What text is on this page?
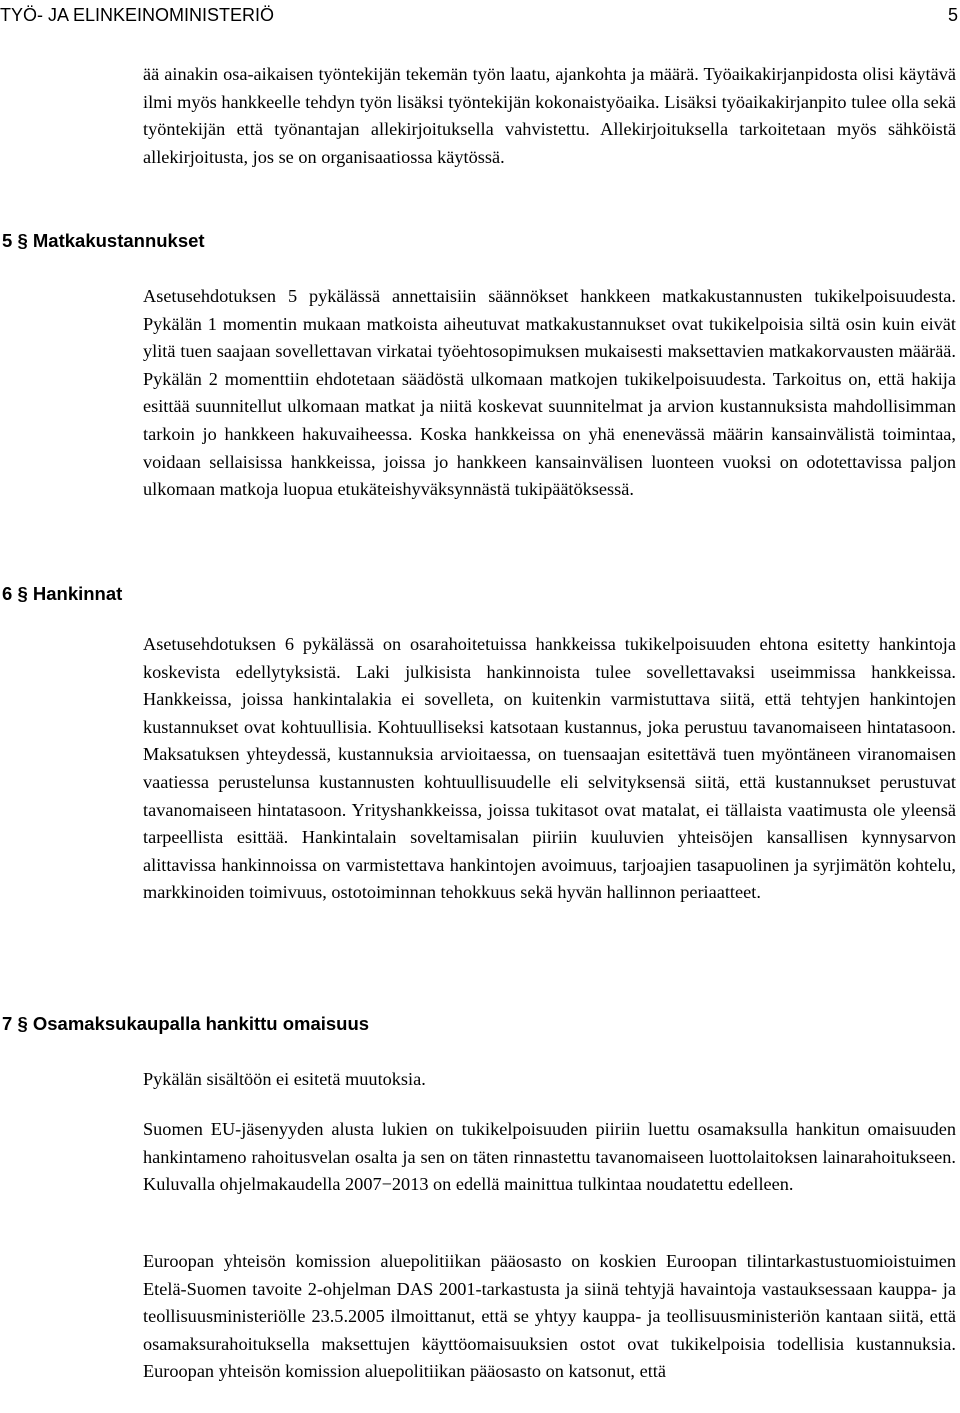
TYÖ- JA ELINKEINOMINISTERIÖ	5

ää ainakin osa-aikaisen työntekijän tekemän työn laatu, ajankohta ja määrä. Työaikakirjanpidosta olisi käytävä ilmi myös hankkeelle tehdyn työn lisäksi työntekijän kokonaistyöaika. Lisäksi työaikakirjanpito tulee olla sekä työntekijän että työnantajan allekirjoituksella vahvistettu. Allekirjoituksella tarkoitetaan myös sähköistä allekirjoitusta, jos se on organisaatiossa käytössä.

5 § Matkakustannukset

Asetusehdotuksen 5 pykälässä annettaisiin säännökset hankkeen matkakustannusten tukikelpoisuudesta. Pykälän 1 momentin mukaan matkoista aiheutuvat matkakustannukset ovat tukikelpoisia siltä osin kuin eivät ylitä tuen saajaan sovellettavan virkatai työehtosopimuksen mukaisesti maksettavien matkakorvausten määrää. Pykälän 2 momenttiin ehdotetaan säädöstä ulkomaan matkojen tukikelpoisuudesta. Tarkoitus on, että hakija esittää suunnitellut ulkomaan matkat ja niitä koskevat suunnitelmat ja arvion kustannuksista mahdollisimman tarkoin jo hankkeen hakuvaiheessa. Koska hankkeissa on yhä enenevässä määrin kansainvälistä toimintaa, voidaan sellaisissa hankkeissa, joissa jo hankkeen kansainvälisen luonteen vuoksi on odotettavissa paljon ulkomaan matkoja luopua etukäteishyväksynnästä tukipäätöksessä.

6 § Hankinnat

Asetusehdotuksen 6 pykälässä on osarahoitetuissa hankkeissa tukikelpoisuuden ehtona esitetty hankintoja koskevista edellytyksistä. Laki julkisista hankinnoista tulee sovellettavaksi useimmissa hankkeissa. Hankkeissa, joissa hankintalakia ei sovelleta, on kuitenkin varmistuttava siitä, että tehtyjen hankintojen kustannukset ovat kohtuullisia. Kohtuulliseksi katsotaan kustannus, joka perustuu tavanomaiseen hintatasoon. Maksatuksen yhteydessä, kustannuksia arvioitaessa, on tuensaajan esitettävä tuen myöntäneen viranomaisen vaatiessa perustelunsa kustannusten kohtuullisuudelle eli selvityksensä siitä, että kustannukset perustuvat tavanomaiseen hintatasoon. Yrityshankkeissa, joissa tukitasot ovat matalat, ei tällaista vaatimusta ole yleensä tarpeellista esittää. Hankintalain soveltamisalan piiriin kuuluvien yhteisöjen kansallisen kynnysarvon alittavissa hankinnoissa on varmistettava hankintojen avoimuus, tarjoajien tasapuolinen ja syrjimätön kohtelu, markkinoiden toimivuus, ostotoiminnan tehokkuus sekä hyvän hallinnon periaatteet.

7 § Osamaksukaupalla hankittu omaisuus

Pykälän sisältöön ei esitetä muutoksia.

Suomen EU-jäsenyyden alusta lukien on tukikelpoisuuden piiriin luettu osamaksulla hankitun omaisuuden hankintameno rahoitusvelan osalta ja sen on täten rinnastettu tavanomaiseen luottolaitoksen lainarahoitukseen. Kuluvalla ohjelmakaudella 2007−2013 on edellä mainittua tulkintaa noudatettu edelleen.

Euroopan yhteisön komission aluepolitiikan pääosasto on koskien Euroopan tilintarkastustuomioistuimen Etelä-Suomen tavoite 2-ohjelman DAS 2001-tarkastusta ja siinä tehtyjä havaintoja vastauksessaan kauppa- ja teollisuusministeriölle 23.5.2005 ilmoittanut, että se yhtyy kauppa- ja teollisuusministeriön kantaan siitä, että osamaksurahoituksella maksettujen käyttöomaisuuksien ostot ovat tukikelpoisia todellisia kustannuksia. Euroopan yhteisön komission aluepolitiikan pääosasto on katsonut, että
